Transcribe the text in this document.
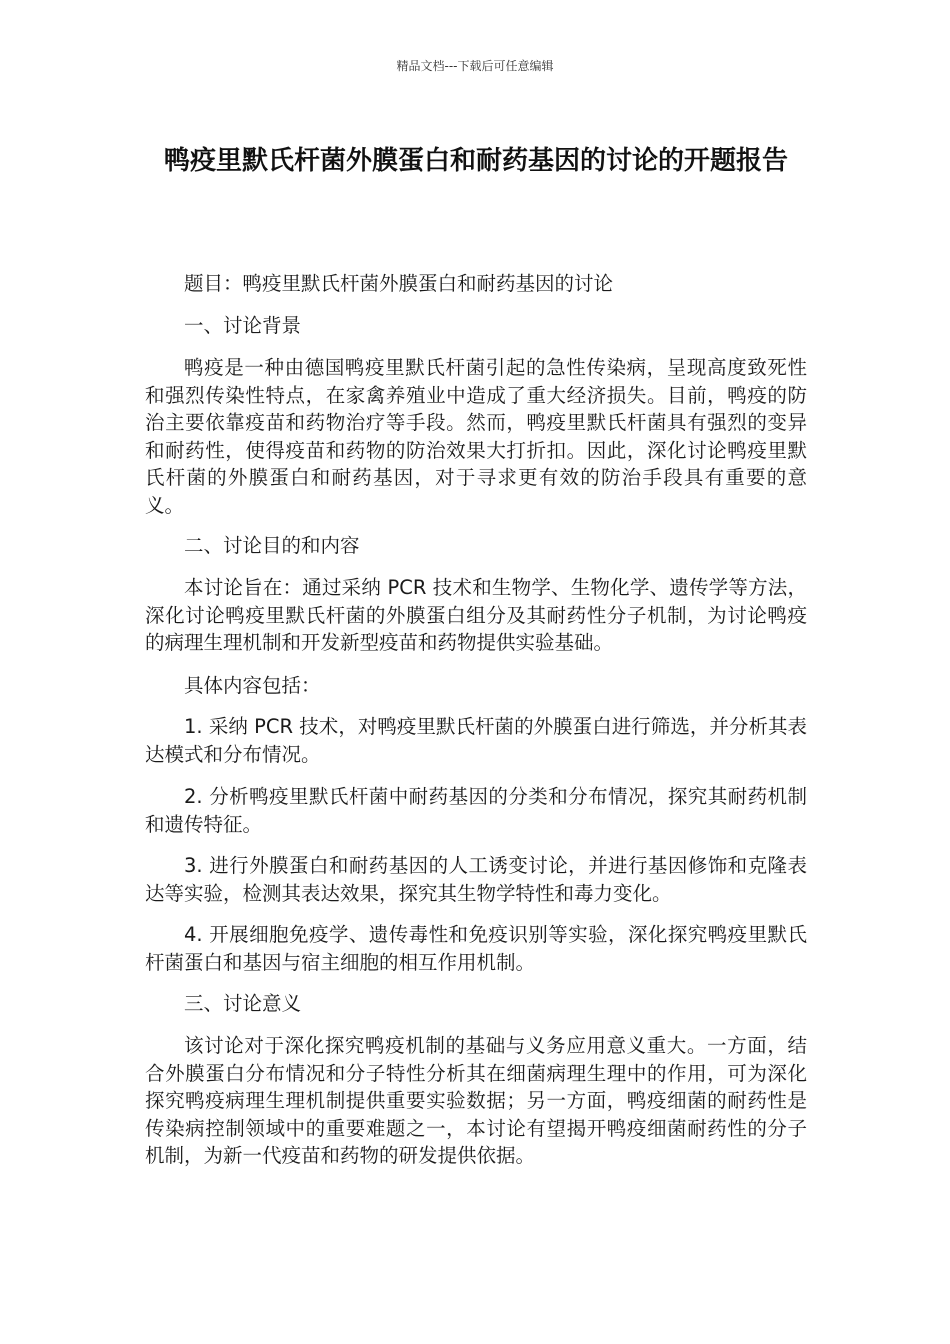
精品文档---下载后可任意编辑
鸭疫里默氏杆菌外膜蛋白和耐药基因的讨论的开题报告

题目：鸭疫里默氏杆菌外膜蛋白和耐药基因的讨论

一、讨论背景

鸭疫是一种由德国鸭疫里默氏杆菌引起的急性传染病，呈现高度致死性和强烈传染性特点，在家禽养殖业中造成了重大经济损失。目前，鸭疫的防治主要依靠疫苗和药物治疗等手段。然而，鸭疫里默氏杆菌具有强烈的变异和耐药性，使得疫苗和药物的防治效果大打折扣。因此，深化讨论鸭疫里默氏杆菌的外膜蛋白和耐药基因，对于寻求更有效的防治手段具有重要的意义。

二、讨论目的和内容

本讨论旨在：通过采纳 PCR 技术和生物学、生物化学、遗传学等方法，深化讨论鸭疫里默氏杆菌的外膜蛋白组分及其耐药性分子机制，为讨论鸭疫的病理生理机制和开发新型疫苗和药物提供实验基础。

具体内容包括：

1. 采纳 PCR 技术，对鸭疫里默氏杆菌的外膜蛋白进行筛选，并分析其表达模式和分布情况。

2. 分析鸭疫里默氏杆菌中耐药基因的分类和分布情况，探究其耐药机制和遗传特征。

3. 进行外膜蛋白和耐药基因的人工诱变讨论，并进行基因修饰和克隆表达等实验，检测其表达效果，探究其生物学特性和毒力变化。

4. 开展细胞免疫学、遗传毒性和免疫识别等实验，深化探究鸭疫里默氏杆菌蛋白和基因与宿主细胞的相互作用机制。

三、讨论意义

该讨论对于深化探究鸭疫机制的基础与义务应用意义重大。一方面，结合外膜蛋白分布情况和分子特性分析其在细菌病理生理中的作用，可为深化探究鸭疫病理生理机制提供重要实验数据；另一方面，鸭疫细菌的耐药性是传染病控制领域中的重要难题之一，本讨论有望揭开鸭疫细菌耐药性的分子机制，为新一代疫苗和药物的研发提供依据。
